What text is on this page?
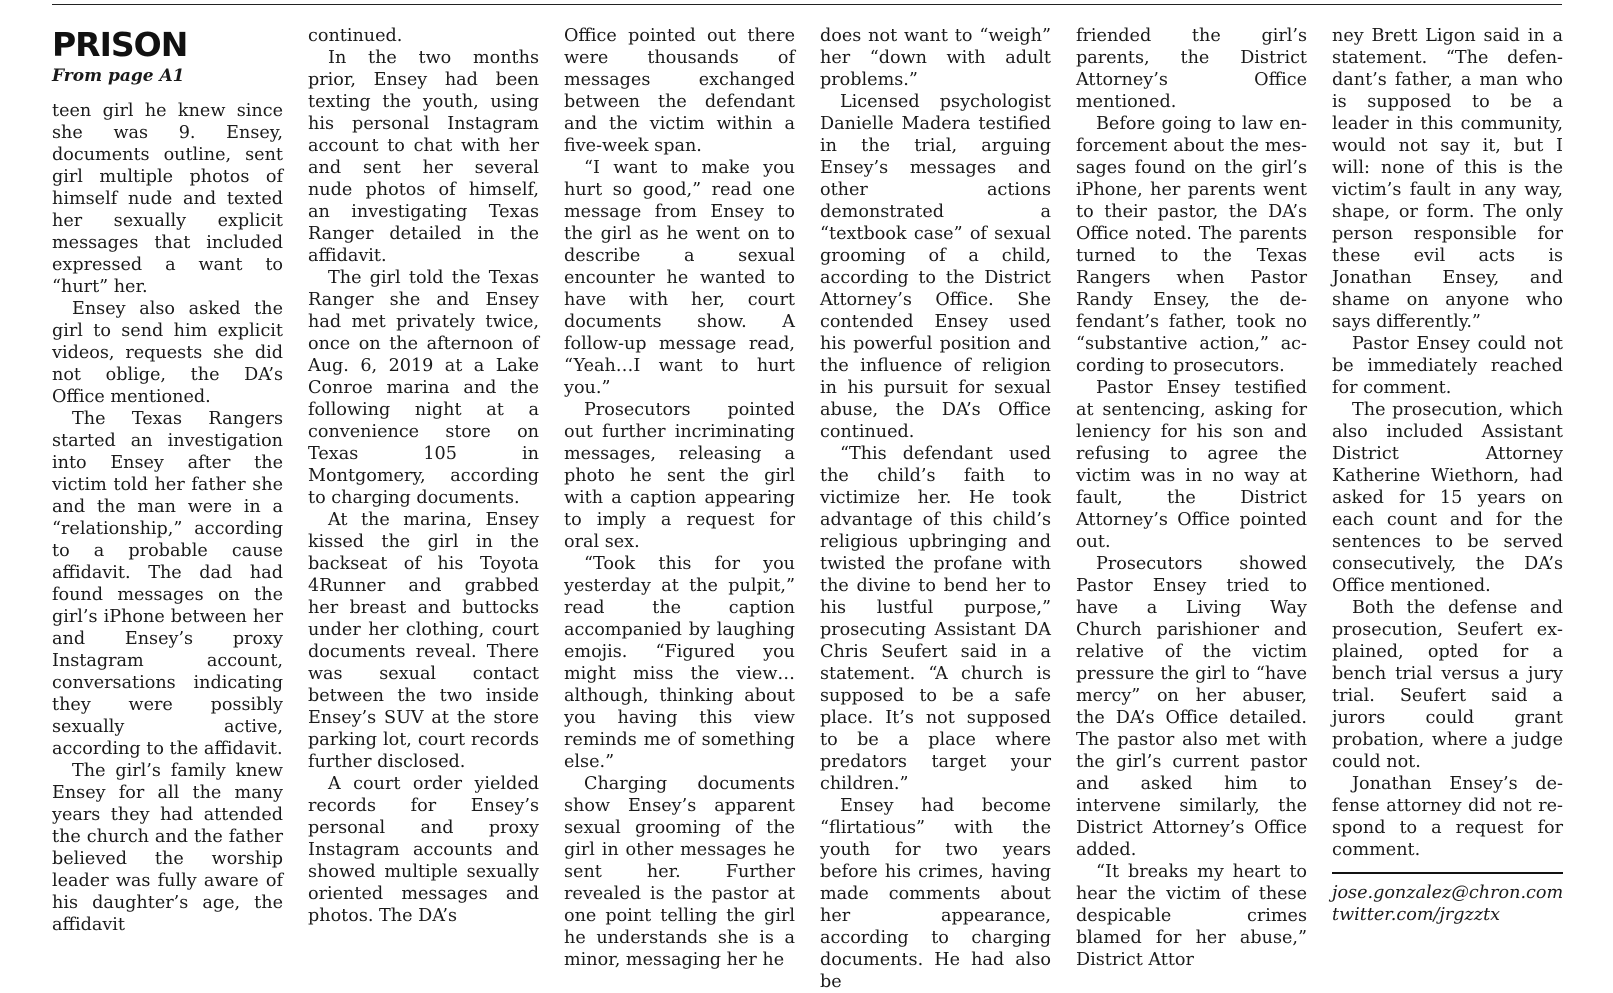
PRISON
From page A1

teen girl he knew since she was 9. Ensey, documents outline, sent girl multiple photos of himself nude and texted her sexually explicit messages that included expressed a want to “hurt” her.

Ensey also asked the girl to send him explicit videos, requests she did not oblige, the DA’s Office mentioned.

The Texas Rangers started an investigation into Ensey after the victim told her father she and the man were in a “relationship,” according to a probable cause affidavit. The dad had found messages on the girl’s iPhone between her and Ensey’s proxy Instagram account, conversations indicating they were possibly sexually active, according to the affidavit.

The girl’s family knew Ensey for all the many years they had attended the church and the father believed the worship leader was fully aware of his daughter’s age, the affidavit

continued.

In the two months prior, Ensey had been texting the youth, using his personal Instagram account to chat with her and sent her several nude photos of himself, an investigating Texas Ranger detailed in the affidavit.

The girl told the Texas Ranger she and Ensey had met privately twice, once on the afternoon of Aug. 6, 2019 at a Lake Conroe marina and the following night at a convenience store on Texas 105 in Montgomery, according to charging documents.

At the marina, Ensey kissed the girl in the backseat of his Toyota 4Runner and grabbed her breast and buttocks under her clothing, court documents reveal. There was sexual contact between the two inside Ensey’s SUV at the store parking lot, court records further disclosed.

A court order yielded records for Ensey’s personal and proxy Instagram accounts and showed multiple sexually oriented messages and photos. The DA’s

Office pointed out there were thousands of messages exchanged between the defendant and the victim within a five-week span.

“I want to make you hurt so good,” read one message from Ensey to the girl as he went on to describe a sexual encounter he wanted to have with her, court documents show. A follow-up message read, “Yeah…I want to hurt you.”

Prosecutors pointed out further incriminating messages, releasing a photo he sent the girl with a caption appearing to imply a request for oral sex.

“Took this for you yesterday at the pulpit,” read the caption accompanied by laughing emojis. “Figured you might miss the view…although, thinking about you having this view reminds me of something else.”

Charging documents show Ensey’s apparent sexual grooming of the girl in other messages he sent her. Further revealed is the pastor at one point telling the girl he understands she is a minor, messaging her he

does not want to “weigh” her “down with adult problems.”

Licensed psychologist Danielle Madera testified in the trial, arguing Ensey’s messages and other actions demonstrated a “textbook case” of sexual grooming of a child, according to the District Attorney’s Office. She contended Ensey used his powerful position and the influence of religion in his pursuit for sexual abuse, the DA’s Office continued.

“This defendant used the child’s faith to victimize her. He took advantage of this child’s religious upbringing and twisted the profane with the divine to bend her to his lustful purpose,” prosecuting Assistant DA Chris Seufert said in a statement. “A church is supposed to be a safe place. It’s not supposed to be a place where predators target your children.”

Ensey had become “flirtatious” with the youth for two years before his crimes, having made comments about her appearance, according to charging documents. He had also be

friended the girl’s parents, the District Attorney’s Office mentioned.

Before going to law enforcement about the messages found on the girl’s iPhone, her parents went to their pastor, the DA’s Office noted. The parents turned to the Texas Rangers when Pastor Randy Ensey, the defendant’s father, took no “substantive action,” according to prosecutors.

Pastor Ensey testified at sentencing, asking for leniency for his son and refusing to agree the victim was in no way at fault, the District Attorney’s Office pointed out.

Prosecutors showed Pastor Ensey tried to have a Living Way Church parishioner and relative of the victim pressure the girl to “have mercy” on her abuser, the DA’s Office detailed. The pastor also met with the girl’s current pastor and asked him to intervene similarly, the District Attorney’s Office added.

“It breaks my heart to hear the victim of these despicable crimes blamed for her abuse,” District Attor

ney Brett Ligon said in a statement. “The defendant’s father, a man who is supposed to be a leader in this community, would not say it, but I will: none of this is the victim’s fault in any way, shape, or form. The only person responsible for these evil acts is Jonathan Ensey, and shame on anyone who says differently.”

Pastor Ensey could not be immediately reached for comment.

The prosecution, which also included Assistant District Attorney Katherine Wiethorn, had asked for 15 years on each count and for the sentences to be served consecutively, the DA’s Office mentioned.

Both the defense and prosecution, Seufert explained, opted for a bench trial versus a jury trial. Seufert said a jurors could grant probation, where a judge could not.

Jonathan Ensey’s defense attorney did not respond to a request for comment.

jose.gonzalez@chron.com
twitter.com/jrgzztx
